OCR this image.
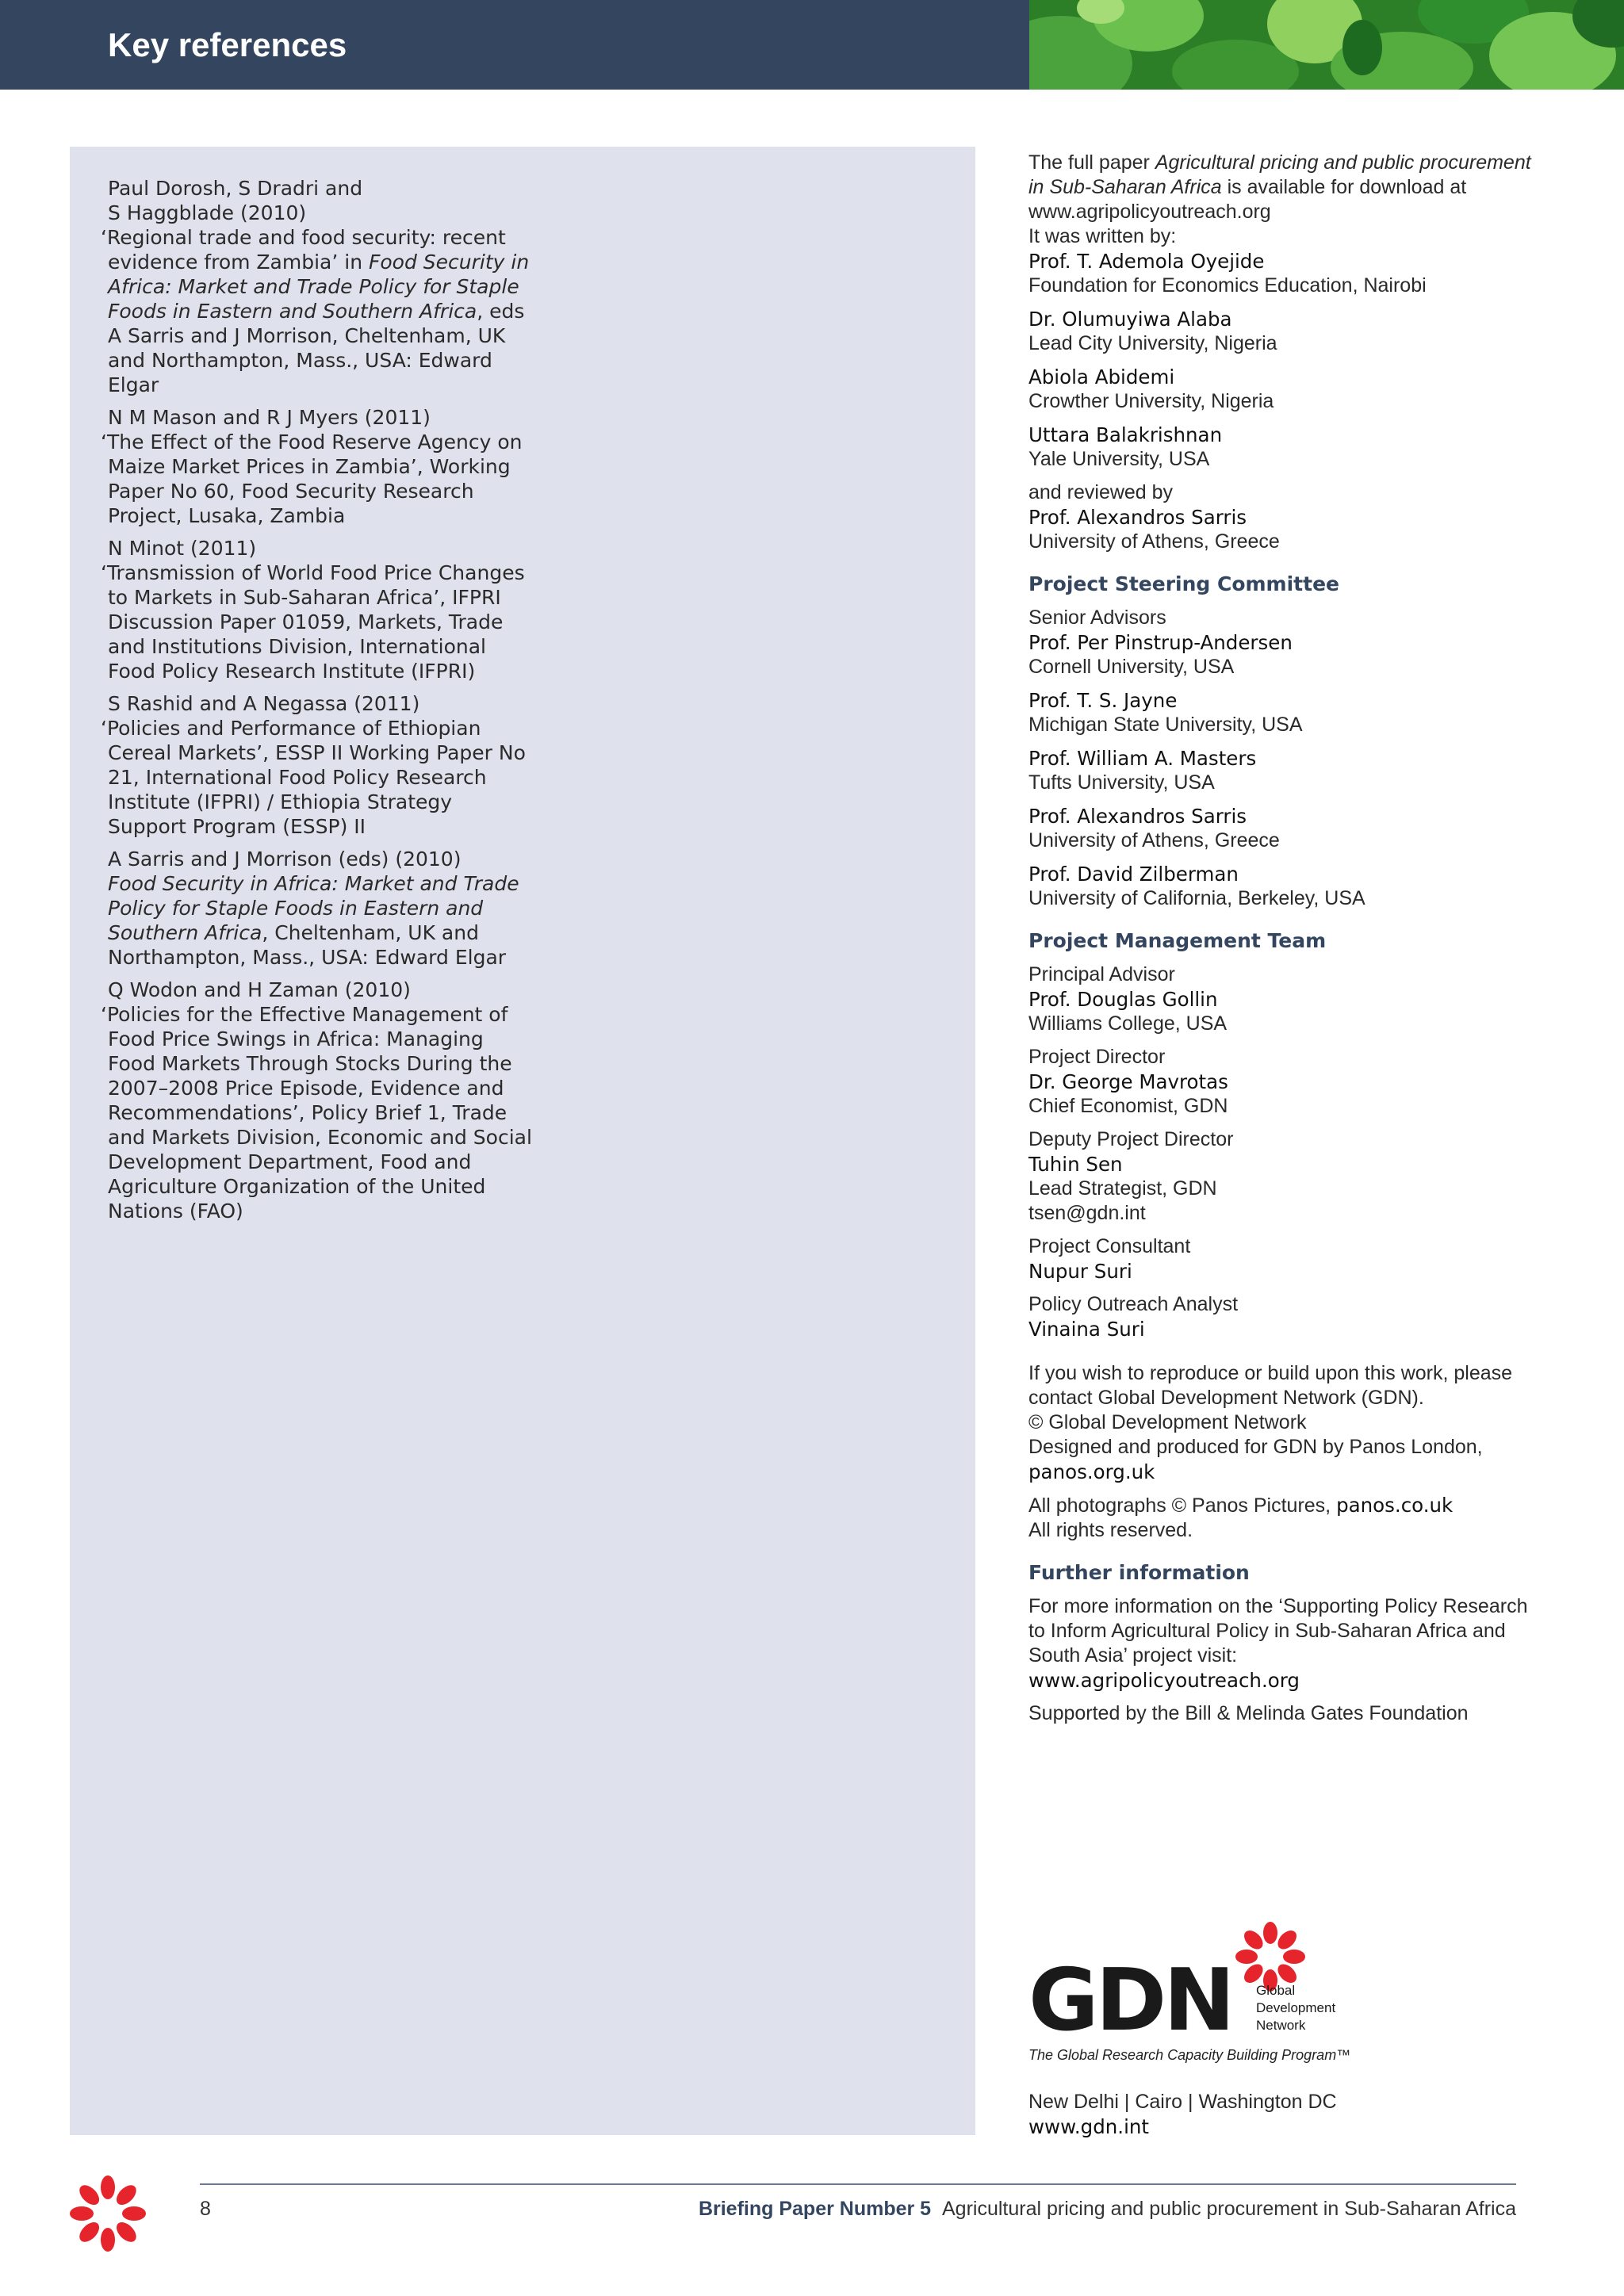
Key references

Paul Dorosh, S Dradri and

S Haggblade (2010)

‘Regional trade and food security: recent evidence from Zambia’ in Food Security in Africa: Market and Trade Policy for Staple Foods in Eastern and Southern Africa, eds A Sarris and J Morrison, Cheltenham, UK and Northampton, Mass., USA: Edward Elgar

N M Mason and R J Myers (2011)

‘The Effect of the Food Reserve Agency on Maize Market Prices in Zambia’, Working Paper No 60, Food Security Research Project, Lusaka, Zambia

N Minot (2011)

‘Transmission of World Food Price Changes to Markets in Sub-Saharan Africa’, IFPRI Discussion Paper 01059, Markets, Trade and Institutions Division, International Food Policy Research Institute (IFPRI)

S Rashid and A Negassa (2011)

‘Policies and Performance of Ethiopian Cereal Markets’, ESSP II Working Paper No 21, International Food Policy Research Institute (IFPRI) / Ethiopia Strategy Support Program (ESSP) II

A Sarris and J Morrison (eds) (2010)

Food Security in Africa: Market and Trade Policy for Staple Foods in Eastern and Southern Africa, Cheltenham, UK and Northampton, Mass., USA: Edward Elgar

Q Wodon and H Zaman (2010)

‘Policies for the Effective Management of Food Price Swings in Africa: Managing Food Markets Through Stocks During the 2007–2008 Price Episode, Evidence and Recommendations’, Policy Brief 1, Trade and Markets Division, Economic and Social Development Department, Food and Agriculture Organization of the United Nations (FAO)

The full paper Agricultural pricing and public procurement in Sub-Saharan Africa is available for download at www.agripolicyoutreach.org

It was written by:

Prof. T. Ademola Oyejide

Foundation for Economics Education, Nairobi

Dr. Olumuyiwa Alaba

Lead City University, Nigeria

Abiola Abidemi

Crowther University, Nigeria

Uttara Balakrishnan

Yale University, USA

and reviewed by

Prof. Alexandros Sarris

University of Athens, Greece

Project Steering Committee

Senior Advisors

Prof. Per Pinstrup-Andersen

Cornell University, USA

Prof. T. S. Jayne

Michigan State University, USA

Prof. William A. Masters

Tufts University, USA

Prof. Alexandros Sarris

University of Athens, Greece

Prof. David Zilberman

University of California, Berkeley, USA

Project Management Team

Principal Advisor

Prof. Douglas Gollin

Williams College, USA

Project Director

Dr. George Mavrotas

Chief Economist, GDN

Deputy Project Director

Tuhin Sen

Lead Strategist, GDN

tsen@gdn.int

Project Consultant

Nupur Suri

Policy Outreach Analyst

Vinaina Suri

If you wish to reproduce or build upon this work, please contact Global Development Network (GDN).

© Global Development Network

Designed and produced for GDN by Panos London,

panos.org.uk

All photographs © Panos Pictures, panos.co.uk

All rights reserved.

Further information

For more information on the ‘Supporting Policy Research to Inform Agricultural Policy in Sub-Saharan Africa and South Asia’ project visit:

www.agripolicyoutreach.org

Supported by the Bill & Melinda Gates Foundation

GDN Global
Development
Network
The Global Research Capacity Building Program™

New Delhi | Cairo | Washington DC

www.gdn.int

8	Briefing Paper Number 5 Agricultural pricing and public procurement in Sub-Saharan Africa
